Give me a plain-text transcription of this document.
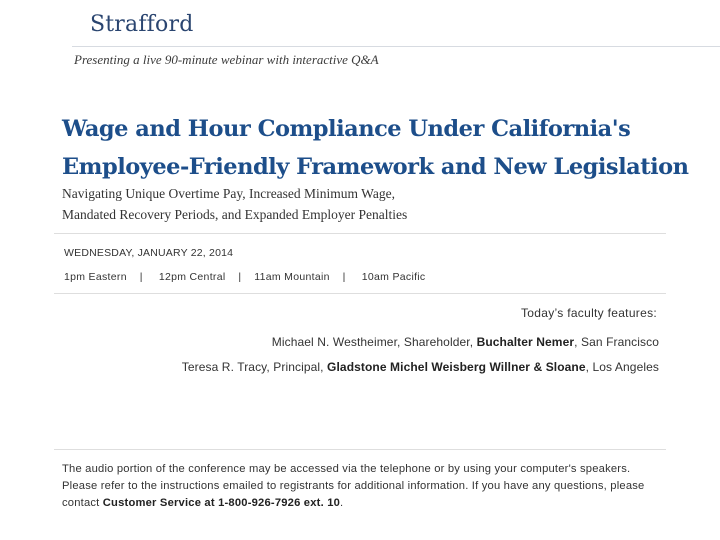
Strafford
Presenting a live 90-minute webinar with interactive Q&A
Wage and Hour Compliance Under California's
Employee-Friendly Framework and New Legislation
Navigating Unique Overtime Pay, Increased Minimum Wage,
Mandated Recovery Periods, and Expanded Employer Penalties
WEDNESDAY, JANUARY 22, 2014
1pm Eastern | 12pm Central | 11am Mountain | 10am Pacific
Today’s faculty features:
Michael N. Westheimer, Shareholder, Buchalter Nemer, San Francisco
Teresa R. Tracy, Principal, Gladstone Michel Weisberg Willner & Sloane, Los Angeles
The audio portion of the conference may be accessed via the telephone or by using your computer's speakers. Please refer to the instructions emailed to registrants for additional information. If you have any questions, please contact Customer Service at 1-800-926-7926 ext. 10.
